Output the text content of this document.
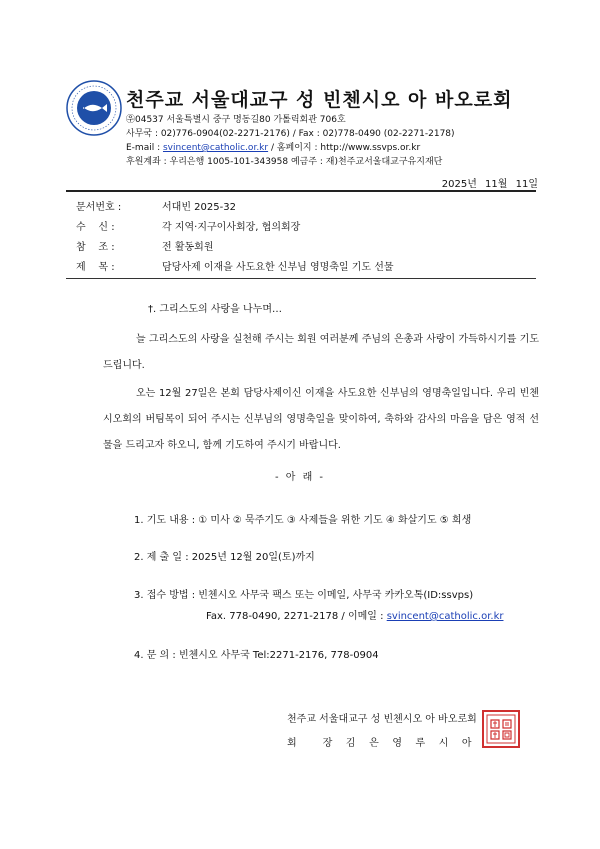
천주교 서울대교구 성 빈첸시오 아 바오로회
㉾04537 서울특별시 중구 명동길80 가톨릭회관 706호
사무국 : 02)776-0904(02-2271-2176) / Fax : 02)778-0490 (02-2271-2178)
E-mail : svincent@catholic.or.kr / 홈페이지 : http://www.ssvps.or.kr
후원계좌 : 우리은행 1005-101-343958 예금주 : 재)천주교서울대교구유지재단
2025년 11월 11일
문서번호 :	서대빈 2025-32
수    신 :	각 지역·지구이사회장, 협의회장
참    조 :	전 활동회원
제    목 :	담당사제 이재을 사도요한 신부님 영명축일 기도 선물
†. 그리스도의 사랑을 나누며…
늘 그리스도의 사랑을 실천해 주시는 회원 여러분께 주님의 은총과 사랑이 가득하시기를 기도드립니다.
오는 12월 27일은 본회 담당사제이신 이재을 사도요한 신부님의 영명축일입니다. 우리 빈첸시오회의 버팀목이 되어 주시는 신부님의 영명축일을 맞이하여, 축하와 감사의 마음을 담은 영적 선물을 드리고자 하오니, 함께 기도하여 주시기 바랍니다.
- 아 래 -
1. 기도 내용 : ① 미사 ② 묵주기도 ③ 사제들을 위한 기도 ④ 화살기도 ⑤ 희생
2. 제 출 일 : 2025년 12월 20일(토)까지
3. 접수 방법 : 빈첸시오 사무국 팩스 또는 이메일, 사무국 카카오톡(ID:ssvps)
Fax. 778-0490, 2271-2178 / 이메일 : svincent@catholic.or.kr
4. 문 의 : 빈첸시오 사무국 Tel:2271-2176, 778-0904
천주교 서울대교구 성 빈첸시오 아 바오로회
회      장   김   은   영   루   시   아
